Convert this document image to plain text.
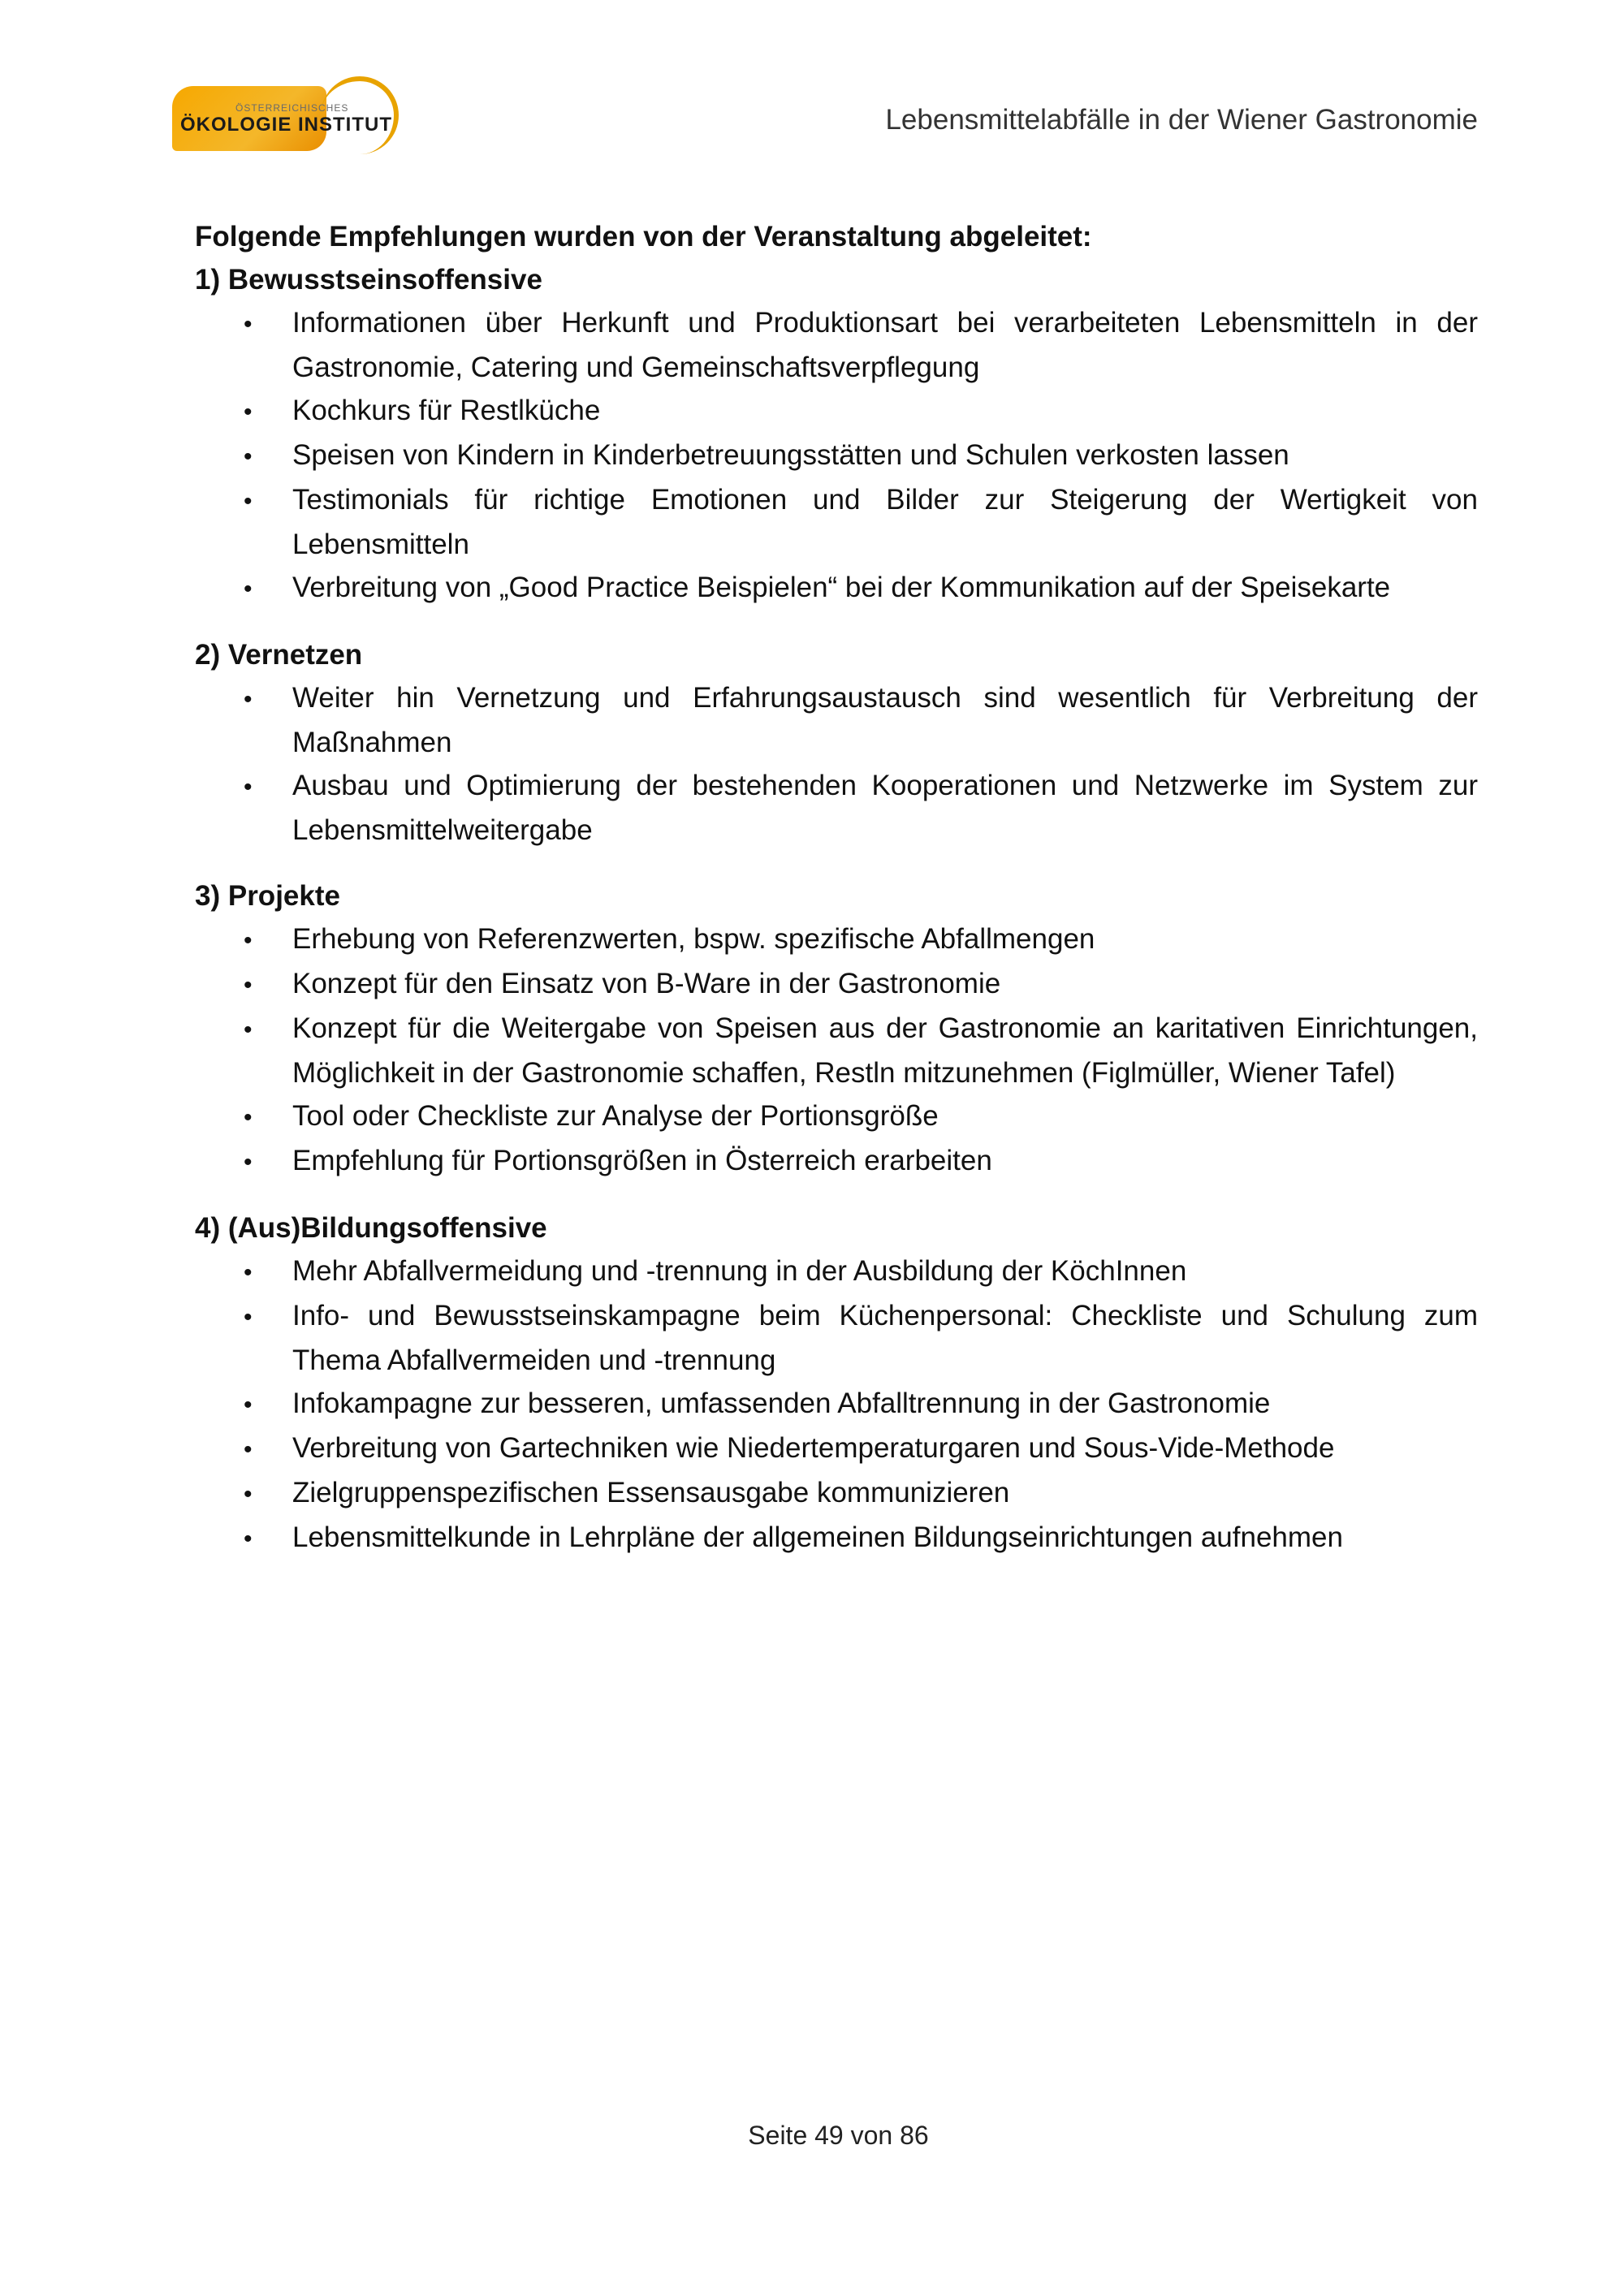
ÖSTERREICHISCHES
ÖKOLOGIE INSTITUT	Lebensmittelabfälle in der Wiener Gastronomie
Folgende Empfehlungen wurden von der Veranstaltung abgeleitet:
1) Bewusstseinsoffensive
• Informationen über Herkunft und Produktionsart bei verarbeiteten Lebensmitteln in der Gastronomie, Catering und Gemeinschaftsverpflegung
• Kochkurs für Restlküche
• Speisen von Kindern in Kinderbetreuungsstätten und Schulen verkosten lassen
• Testimonials für richtige Emotionen und Bilder zur Steigerung der Wertigkeit von Lebensmitteln
• Verbreitung von „Good Practice Beispielen“ bei der Kommunikation auf der Speisekarte
2) Vernetzen
• Weiter hin Vernetzung und Erfahrungsaustausch sind wesentlich für Verbreitung der Maßnahmen
• Ausbau und Optimierung der bestehenden Kooperationen und Netzwerke im System zur Lebensmittelweitergabe
3) Projekte
• Erhebung von Referenzwerten, bspw. spezifische Abfallmengen
• Konzept für den Einsatz von B-Ware in der Gastronomie
• Konzept für die Weitergabe von Speisen aus der Gastronomie an karitativen Einrichtungen, Möglichkeit in der Gastronomie schaffen, Restln mitzunehmen (Figlmüller, Wiener Tafel)
• Tool oder Checkliste zur Analyse der Portionsgröße
• Empfehlung für Portionsgrößen in Österreich erarbeiten
4) (Aus)Bildungsoffensive
• Mehr Abfallvermeidung und -trennung in der Ausbildung der KöchInnen
• Info- und Bewusstseinskampagne beim Küchenpersonal: Checkliste und Schulung zum Thema Abfallvermeiden und -trennung
• Infokampagne zur besseren, umfassenden Abfalltrennung in der Gastronomie
• Verbreitung von Gartechniken wie Niedertemperaturgaren und Sous-Vide-Methode
• Zielgruppenspezifischen Essensausgabe kommunizieren
• Lebensmittelkunde in Lehrpläne der allgemeinen Bildungseinrichtungen aufnehmen
Seite 49 von 86
